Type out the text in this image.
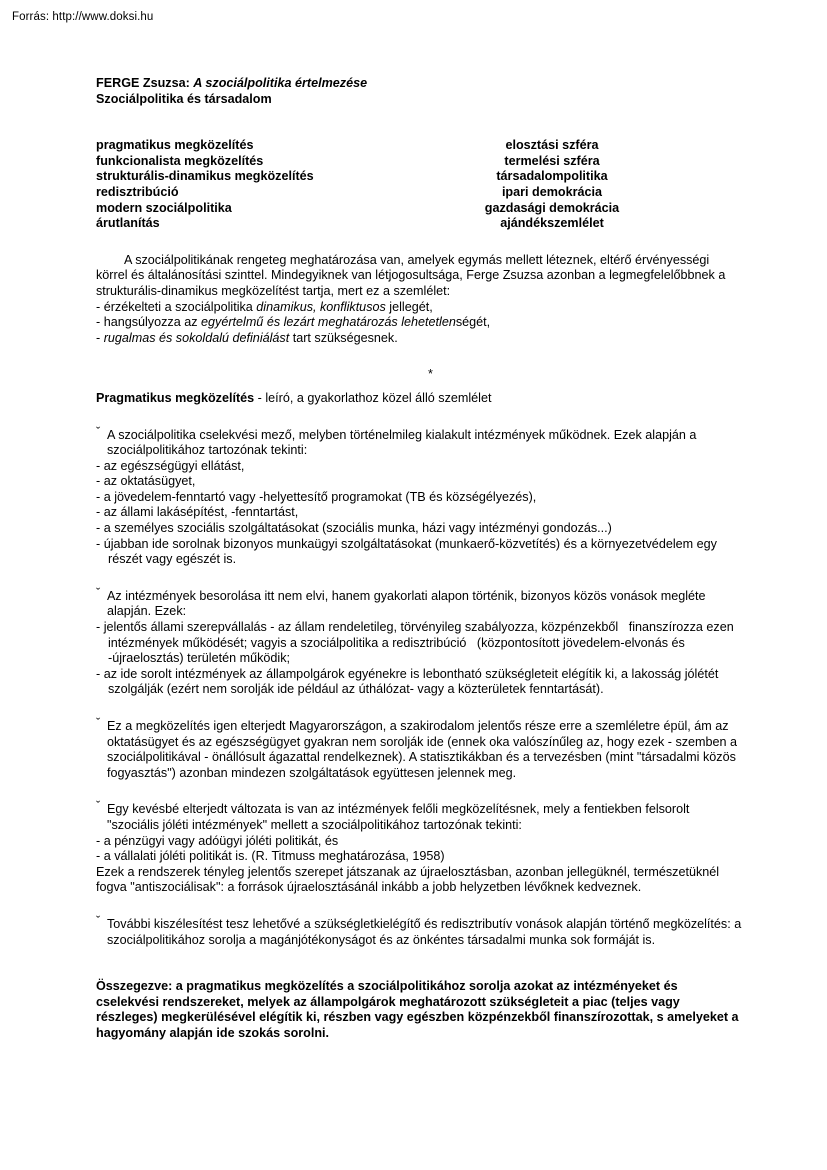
Forrás: http://www.doksi.hu
FERGE Zsuzsa: A szociálpolitika értelmezése
Szociálpolitika és társadalom
pragmatikus megközelítés	elosztási szféra
funkcionalista megközelítés	termelési szféra
strukturális-dinamikus megközelítés	társadalompolitika
redisztribúció	ipari demokrácia
modern szociálpolitika	gazdasági demokrácia
árutlanítás	ajándékszemlélet

A szociálpolitikának rengeteg meghatározása van, amelyek egymás mellett léteznek, eltérő érvényességi körrel és általánosítási szinttel. Mindegyiknek van létjogosultsága, Ferge Zsuzsa azonban a legmegfelelőbbnek a strukturális-dinamikus megközelítést tartja, mert ez a szemlélet:

- érzékelteti a szociálpolitika dinamikus, konfliktusos jellegét,

- hangsúlyozza az egyértelmű és lezárt meghatározás lehetetlenségét,

- rugalmas és sokoldalú definiálást tart szükségesnek.

*

Pragmatikus megközelítés - leíró, a gyakorlathoz közel álló szemlélet

ˇ A szociálpolitika cselekvési mező, melyben történelmileg kialakult intézmények működnek. Ezek alapján a szociálpolitikához tartozónak tekinti:

- az egészségügyi ellátást,

- az oktatásügyet,

- a jövedelem-fenntartó vagy -helyettesítő programokat (TB és községélyezés),

- az állami lakásépítést, -fenntartást,

- a személyes szociális szolgáltatásokat (szociális munka, házi vagy intézményi gondozás...)

- újabban ide sorolnak bizonyos munkaügyi szolgáltatásokat (munkaerő-közvetítés) és a környezetvédelem egy részét vagy egészét is.

ˇ Az intézmények besorolása itt nem elvi, hanem gyakorlati alapon történik, bizonyos közös vonások megléte alapján. Ezek:

- jelentős állami szerepvállalás - az állam rendeletileg, törvényileg szabályozza, közpénzekből   finanszírozza ezen intézmények működését; vagyis a szociálpolitika a redisztribúció   (központosított jövedelem-elvonás és -újraelosztás) területén működik;

- az ide sorolt intézmények az állampolgárok egyénekre is lebontható szükségleteit elégítik ki, a lakosság jólétét szolgálják (ezért nem sorolják ide például az úthálózat- vagy a közterületek fenntartását).

ˇ Ez a megközelítés igen elterjedt Magyarországon, a szakirodalom jelentős része erre a szemléletre épül, ám az oktatásügyet és az egészségügyet gyakran nem sorolják ide (ennek oka valószínűleg az, hogy ezek - szemben a szociálpolitikával - önállósult ágazattal rendelkeznek). A statisztikákban és a tervezésben (mint "társadalmi közös fogyasztás") azonban mindezen szolgáltatások együttesen jelennek meg.

ˇ Egy kevésbé elterjedt változata is van az intézmények felőli megközelítésnek, mely a fentiekben felsorolt "szociális jóléti intézmények" mellett a szociálpolitikához tartozónak tekinti:

- a pénzügyi vagy adóügyi jóléti politikát, és

- a vállalati jóléti politikát is. (R. Titmuss meghatározása, 1958)

Ezek a rendszerek tényleg jelentős szerepet játszanak az újraelosztásban, azonban jellegüknél, természetüknél fogva "antiszociálisak": a források újraelosztásánál inkább a jobb helyzetben lévőknek kedveznek.

ˇ További kiszélesítést tesz lehetővé a szükségletkielégítő és redisztributív vonások alapján történő megközelítés: a szociálpolitikához sorolja a magánjótékonyságot és az önkéntes társadalmi munka sok formáját is.

Összegezve: a pragmatikus megközelítés a szociálpolitikához sorolja azokat az intézményeket és cselekvési rendszereket, melyek az állampolgárok meghatározott szükségleteit a piac (teljes vagy részleges) megkerülésével elégítik ki, részben vagy egészben közpénzekből finanszírozottak, s amelyeket a hagyomány alapján ide szokás sorolni.
